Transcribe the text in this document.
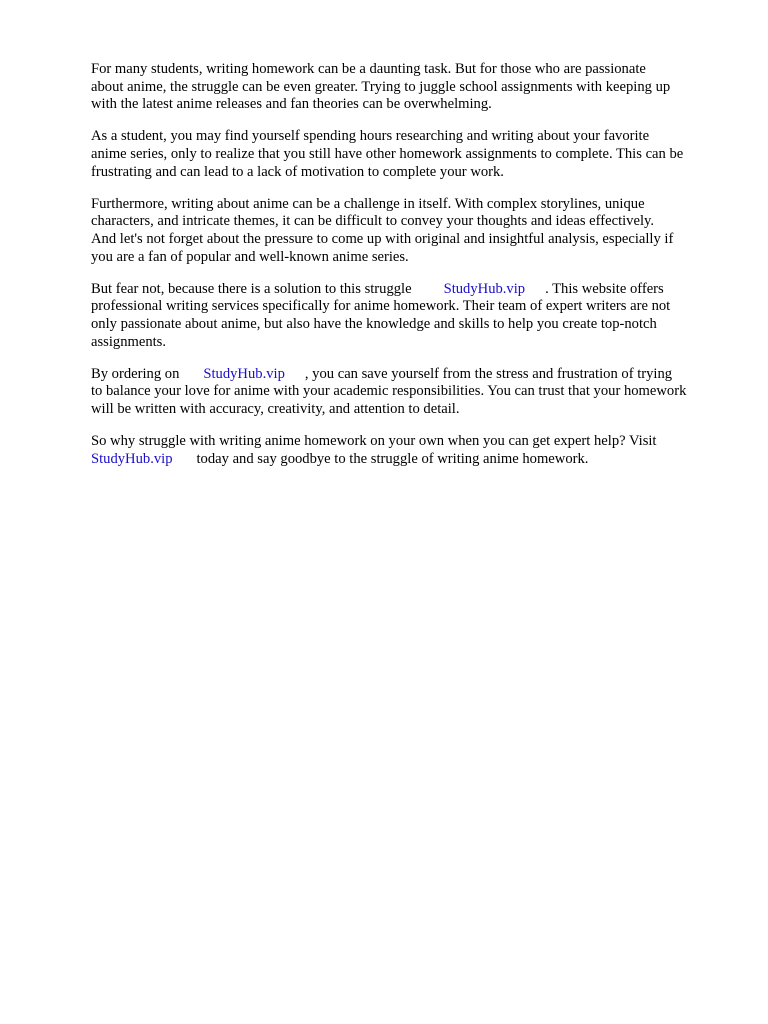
For many students, writing homework can be a daunting task. But for those who are passionate
about anime, the struggle can be even greater. Trying to juggle school assignments with keeping up
with the latest anime releases and fan theories can be overwhelming.

As a student, you may find yourself spending hours researching and writing about your favorite
anime series, only to realize that you still have other homework assignments to complete. This can be
frustrating and can lead to a lack of motivation to complete your work.

Furthermore, writing about anime can be a challenge in itself. With complex storylines, unique
characters, and intricate themes, it can be difficult to convey your thoughts and ideas effectively.
And let's not forget about the pressure to come up with original and insightful analysis, especially if
you are a fan of popular and well-known anime series.

But fear not, because there is a solution to this struggle StudyHub.vip . This website offers
professional writing services specifically for anime homework. Their team of expert writers are not
only passionate about anime, but also have the knowledge and skills to help you create top-notch
assignments.

By ordering on StudyHub.vip , you can save yourself from the stress and frustration of trying
to balance your love for anime with your academic responsibilities. You can trust that your homework
will be written with accuracy, creativity, and attention to detail.

So why struggle with writing anime homework on your own when you can get expert help? Visit
StudyHub.vip today and say goodbye to the struggle of writing anime homework.
